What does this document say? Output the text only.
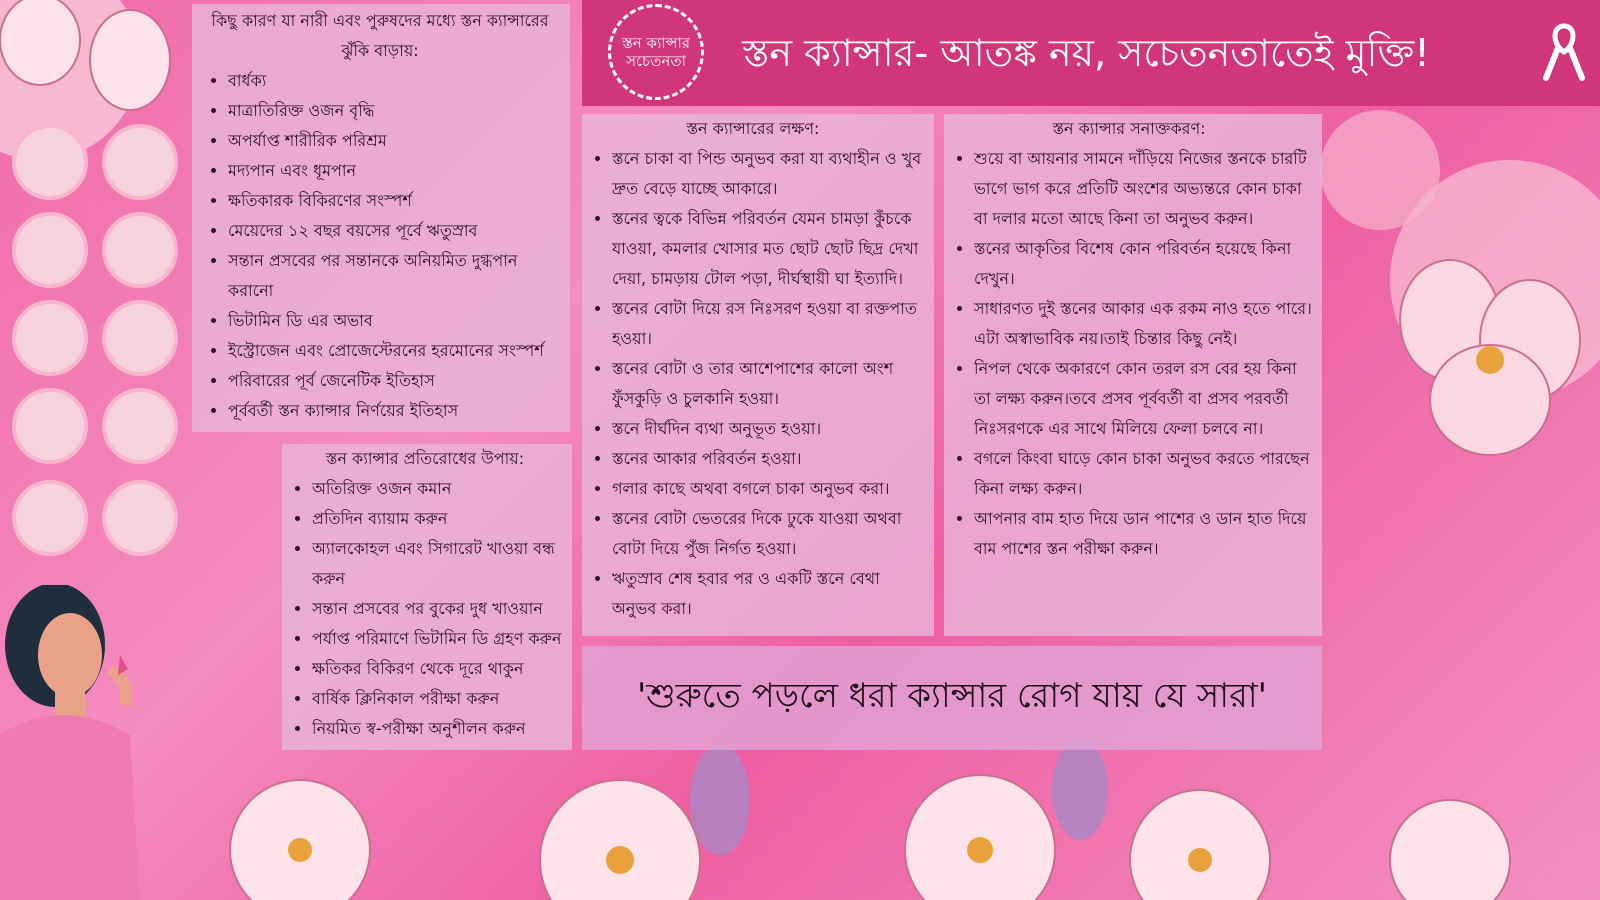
স্তন ক্যান্সার
সচেতনতা স্তন ক্যান্সার- আতঙ্ক নয়, সচেতনতাতেই মুক্তি!
কিছু কারণ যা নারী এবং পুরুষদের মধ্যে স্তন ক্যান্সারের ঝুঁকি বাড়ায়:
• বার্ধক্য
• মাত্রাতিরিক্ত ওজন বৃদ্ধি
• অপর্যাপ্ত শারীরিক পরিশ্রম
• মদ্যপান এবং ধূমপান
• ক্ষতিকারক বিকিরণের সংস্পর্শ
• মেয়েদের ১২ বছর বয়সের পূর্বে ঋতুস্রাব
• সন্তান প্রসবের পর সন্তানকে অনিয়মিত দুগ্ধপান করানো
• ভিটামিন ডি এর অভাব
• ইস্ট্রোজেন এবং প্রোজেস্টেরনের হরমোনের সংস্পর্শ
• পরিবারের পূর্ব জেনেটিক ইতিহাস
• পূর্ববর্তী স্তন ক্যান্সার নির্ণয়ের ইতিহাস
স্তন ক্যান্সার প্রতিরোধের উপায়:
• অতিরিক্ত ওজন কমান
• প্রতিদিন ব্যায়াম করুন
• অ্যালকোহল এবং সিগারেট খাওয়া বন্ধ করুন
• সন্তান প্রসবের পর বুকের দুধ খাওয়ান
• পর্যাপ্ত পরিমাণে ভিটামিন ডি গ্রহণ করুন
• ক্ষতিকর বিকিরণ থেকে দূরে থাকুন
• বার্ষিক ক্লিনিকাল পরীক্ষা করুন
• নিয়মিত স্ব-পরীক্ষা অনুশীলন করুন
স্তন ক্যান্সারের লক্ষণ:
• স্তনে চাকা বা পিন্ড অনুভব করা যা ব্যথাহীন ও খুব দ্রুত বেড়ে যাচ্ছে আকারে।
• স্তনের ত্বকে বিভিন্ন পরিবর্তন যেমন চামড়া কুঁচকে যাওয়া, কমলার খোসার মত ছোট ছোট ছিদ্র দেখা দেয়া, চামড়ায় টোল পড়া, দীর্ঘস্থায়ী ঘা ইত্যাদি।
• স্তনের বোটা দিয়ে রস নিঃসরণ হওয়া বা রক্তপাত হওয়া।
• স্তনের বোটা ও তার আশেপাশের কালো অংশ ফুঁসকুড়ি ও চুলকানি হওয়া।
• স্তনে দীর্ঘদিন ব্যথা অনুভূত হওয়া।
• স্তনের আকার পরিবর্তন হওয়া।
• গলার কাছে অথবা বগলে চাকা অনুভব করা।
• স্তনের বোটা ভেতরের দিকে ঢুকে যাওয়া অথবা বোটা দিয়ে পুঁজ নির্গত হওয়া।
• ঋতুস্রাব শেষ হবার পর ও একটি স্তনে বেথা অনুভব করা।
স্তন ক্যান্সার সনাক্তকরণ:
• শুয়ে বা আয়নার সামনে দাঁড়িয়ে নিজের স্তনকে চারটি ভাগে ভাগ করে প্রতিটি অংশের অভ্যন্তরে কোন চাকা বা দলার মতো আছে কিনা তা অনুভব করুন।
• স্তনের আকৃতির বিশেষ কোন পরিবর্তন হয়েছে কিনা দেখুন।
• সাধারণত দুই স্তনের আকার এক রকম নাও হতে পারে।এটা অস্বাভাবিক নয়।তাই চিন্তার কিছু নেই।
• নিপল থেকে অকারণে কোন তরল রস বের হয় কিনা তা লক্ষ্য করুন।তবে প্রসব পূর্ববর্তী বা প্রসব পরবর্তী নিঃসরণকে এর সাথে মিলিয়ে ফেলা চলবে না।
• বগলে কিংবা ঘাড়ে কোন চাকা অনুভব করতে পারছেন কিনা লক্ষ্য করুন।
• আপনার বাম হাত দিয়ে ডান পাশের ও ডান হাত দিয়ে বাম পাশের স্তন পরীক্ষা করুন।
'শুরুতে পড়লে ধরা ক্যান্সার রোগ যায় যে সারা'
